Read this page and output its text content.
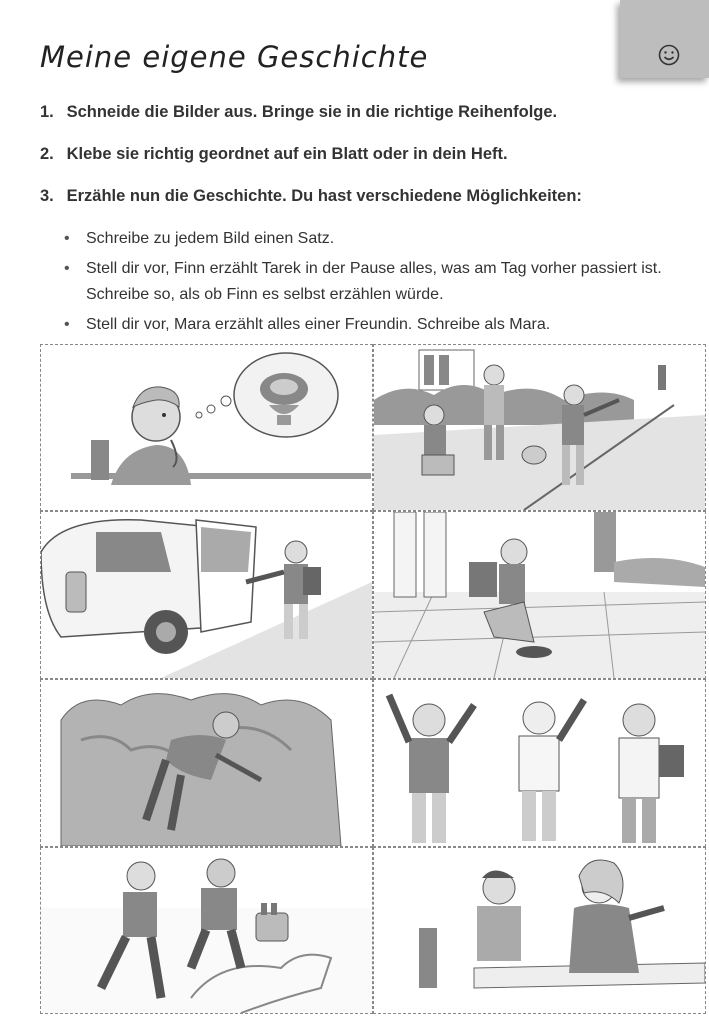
Meine eigene Geschichte
1. Schneide die Bilder aus. Bringe sie in die richtige Reihenfolge.
2. Klebe sie richtig geordnet auf ein Blatt oder in dein Heft.
3. Erzähle nun die Geschichte. Du hast verschiedene Möglichkeiten:
• Schreibe zu jedem Bild einen Satz.
• Stell dir vor, Finn erzählt Tarek in der Pause alles, was am Tag vorher passiert ist. Schreibe so, als ob Finn es selbst erzählen würde.
• Stell dir vor, Mara erzählt alles einer Freundin. Schreibe als Mara.
